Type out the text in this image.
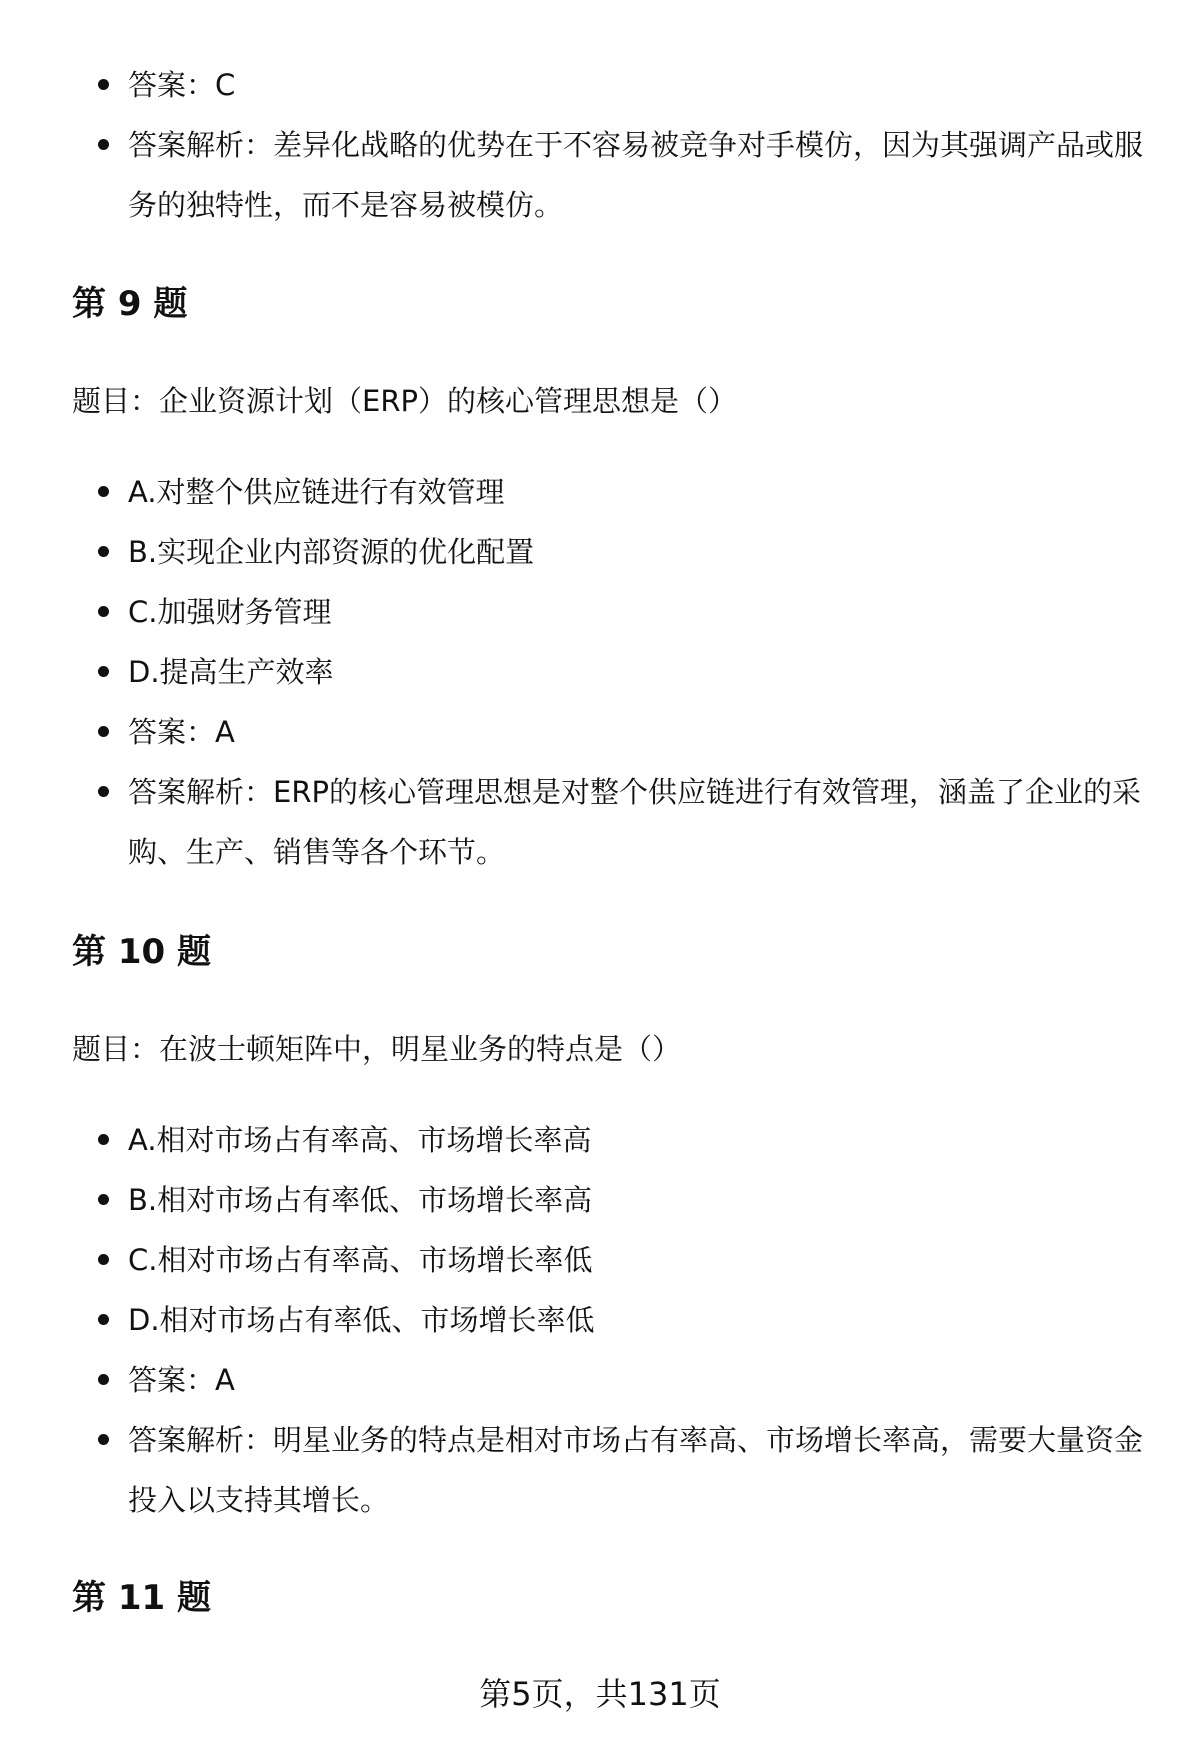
答案：C

答案解析：差异化战略的优势在于不容易被竞争对手模仿，因为其强调产品或服务的独特性，而不是容易被模仿。

第 9 题

题目：企业资源计划（ERP）的核心管理思想是（）

A.对整个供应链进行有效管理

B.实现企业内部资源的优化配置

C.加强财务管理

D.提高生产效率

答案：A

答案解析：ERP的核心管理思想是对整个供应链进行有效管理，涵盖了企业的采购、生产、销售等各个环节。

第 10 题

题目：在波士顿矩阵中，明星业务的特点是（）

A.相对市场占有率高、市场增长率高

B.相对市场占有率低、市场增长率高

C.相对市场占有率高、市场增长率低

D.相对市场占有率低、市场增长率低

答案：A

答案解析：明星业务的特点是相对市场占有率高、市场增长率高，需要大量资金投入以支持其增长。

第 11 题
第5页，共131页
